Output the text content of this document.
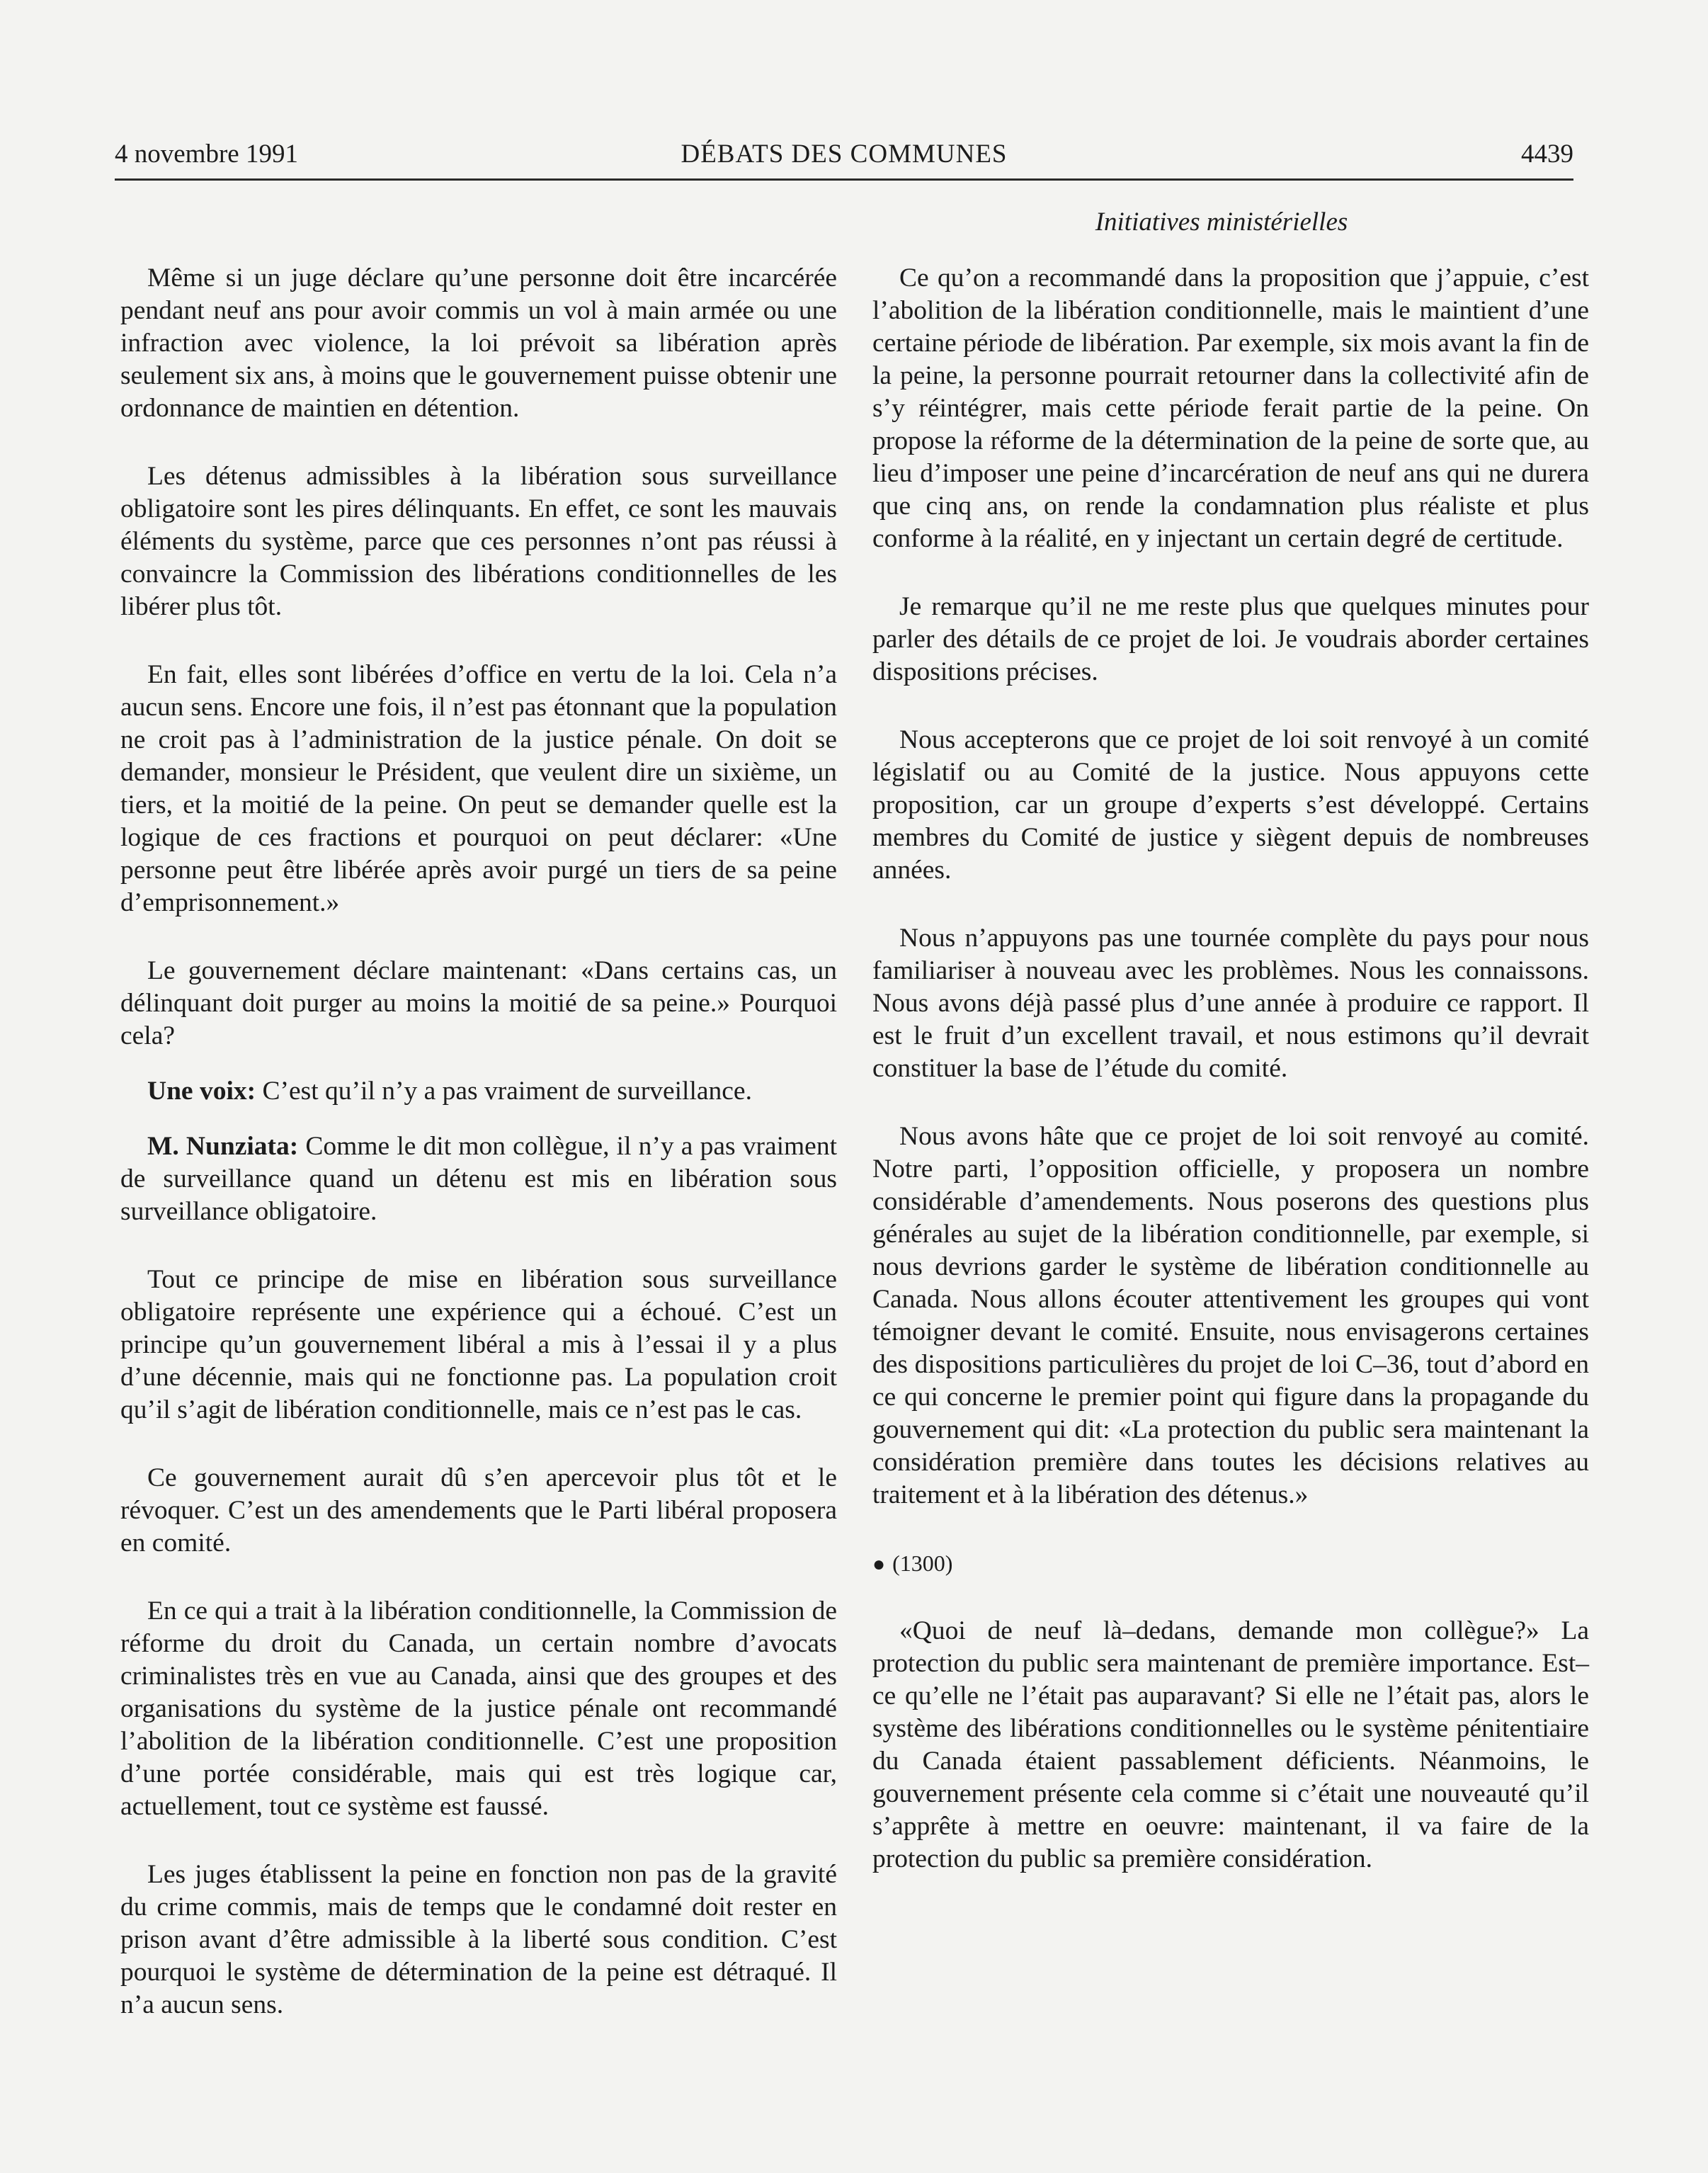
4 novembre 1991	DÉBATS DES COMMUNES	4439
Initiatives ministérielles

Même si un juge déclare qu’une personne doit être incarcérée pendant neuf ans pour avoir commis un vol à main armée ou une infraction avec violence, la loi prévoit sa libération après seulement six ans, à moins que le gouvernement puisse obtenir une ordonnance de maintien en détention.

Les détenus admissibles à la libération sous surveillance obligatoire sont les pires délinquants. En effet, ce sont les mauvais éléments du système, parce que ces personnes n’ont pas réussi à convaincre la Commission des libérations conditionnelles de les libérer plus tôt.

En fait, elles sont libérées d’office en vertu de la loi. Cela n’a aucun sens. Encore une fois, il n’est pas étonnant que la population ne croit pas à l’administration de la justice pénale. On doit se demander, monsieur le Président, que veulent dire un sixième, un tiers, et la moitié de la peine. On peut se demander quelle est la logique de ces fractions et pourquoi on peut déclarer: «Une personne peut être libérée après avoir purgé un tiers de sa peine d’emprisonnement.»

Le gouvernement déclare maintenant: «Dans certains cas, un délinquant doit purger au moins la moitié de sa peine.» Pourquoi cela?

Une voix: C’est qu’il n’y a pas vraiment de surveillance.

M. Nunziata: Comme le dit mon collègue, il n’y a pas vraiment de surveillance quand un détenu est mis en libération sous surveillance obligatoire.

Tout ce principe de mise en libération sous surveillance obligatoire représente une expérience qui a échoué. C’est un principe qu’un gouvernement libéral a mis à l’essai il y a plus d’une décennie, mais qui ne fonctionne pas. La population croit qu’il s’agit de libération conditionnelle, mais ce n’est pas le cas.

Ce gouvernement aurait dû s’en apercevoir plus tôt et le révoquer. C’est un des amendements que le Parti libéral proposera en comité.

En ce qui a trait à la libération conditionnelle, la Commission de réforme du droit du Canada, un certain nombre d’avocats criminalistes très en vue au Canada, ainsi que des groupes et des organisations du système de la justice pénale ont recommandé l’abolition de la libération conditionnelle. C’est une proposition d’une portée considérable, mais qui est très logique car, actuellement, tout ce système est faussé.

Les juges établissent la peine en fonction non pas de la gravité du crime commis, mais de temps que le condamné doit rester en prison avant d’être admissible à la liberté sous condition. C’est pourquoi le système de détermination de la peine est détraqué. Il n’a aucun sens.

Ce qu’on a recommandé dans la proposition que j’appuie, c’est l’abolition de la libération conditionnelle, mais le maintient d’une certaine période de libération. Par exemple, six mois avant la fin de la peine, la personne pourrait retourner dans la collectivité afin de s’y réintégrer, mais cette période ferait partie de la peine. On propose la réforme de la détermination de la peine de sorte que, au lieu d’imposer une peine d’incarcération de neuf ans qui ne durera que cinq ans, on rende la condamnation plus réaliste et plus conforme à la réalité, en y injectant un certain degré de certitude.

Je remarque qu’il ne me reste plus que quelques minutes pour parler des détails de ce projet de loi. Je voudrais aborder certaines dispositions précises.

Nous accepterons que ce projet de loi soit renvoyé à un comité législatif ou au Comité de la justice. Nous appuyons cette proposition, car un groupe d’experts s’est développé. Certains membres du Comité de justice y siègent depuis de nombreuses années.

Nous n’appuyons pas une tournée complète du pays pour nous familiariser à nouveau avec les problèmes. Nous les connaissons. Nous avons déjà passé plus d’une année à produire ce rapport. Il est le fruit d’un excellent travail, et nous estimons qu’il devrait constituer la base de l’étude du comité.

Nous avons hâte que ce projet de loi soit renvoyé au comité. Notre parti, l’opposition officielle, y proposera un nombre considérable d’amendements. Nous poserons des questions plus générales au sujet de la libération conditionnelle, par exemple, si nous devrions garder le système de libération conditionnelle au Canada. Nous allons écouter attentivement les groupes qui vont témoigner devant le comité. Ensuite, nous envisagerons certaines des dispositions particulières du projet de loi C–36, tout d’abord en ce qui concerne le premier point qui figure dans la propagande du gouvernement qui dit: «La protection du public sera maintenant la considération première dans toutes les décisions relatives au traitement et à la libération des détenus.»

● (1300)

«Quoi de neuf là–dedans, demande mon collègue?» La protection du public sera maintenant de première importance. Est–ce qu’elle ne l’était pas auparavant? Si elle ne l’était pas, alors le système des libérations conditionnelles ou le système pénitentiaire du Canada étaient passablement déficients. Néanmoins, le gouvernement présente cela comme si c’était une nouveauté qu’il s’apprête à mettre en oeuvre: maintenant, il va faire de la protection du public sa première considération.
